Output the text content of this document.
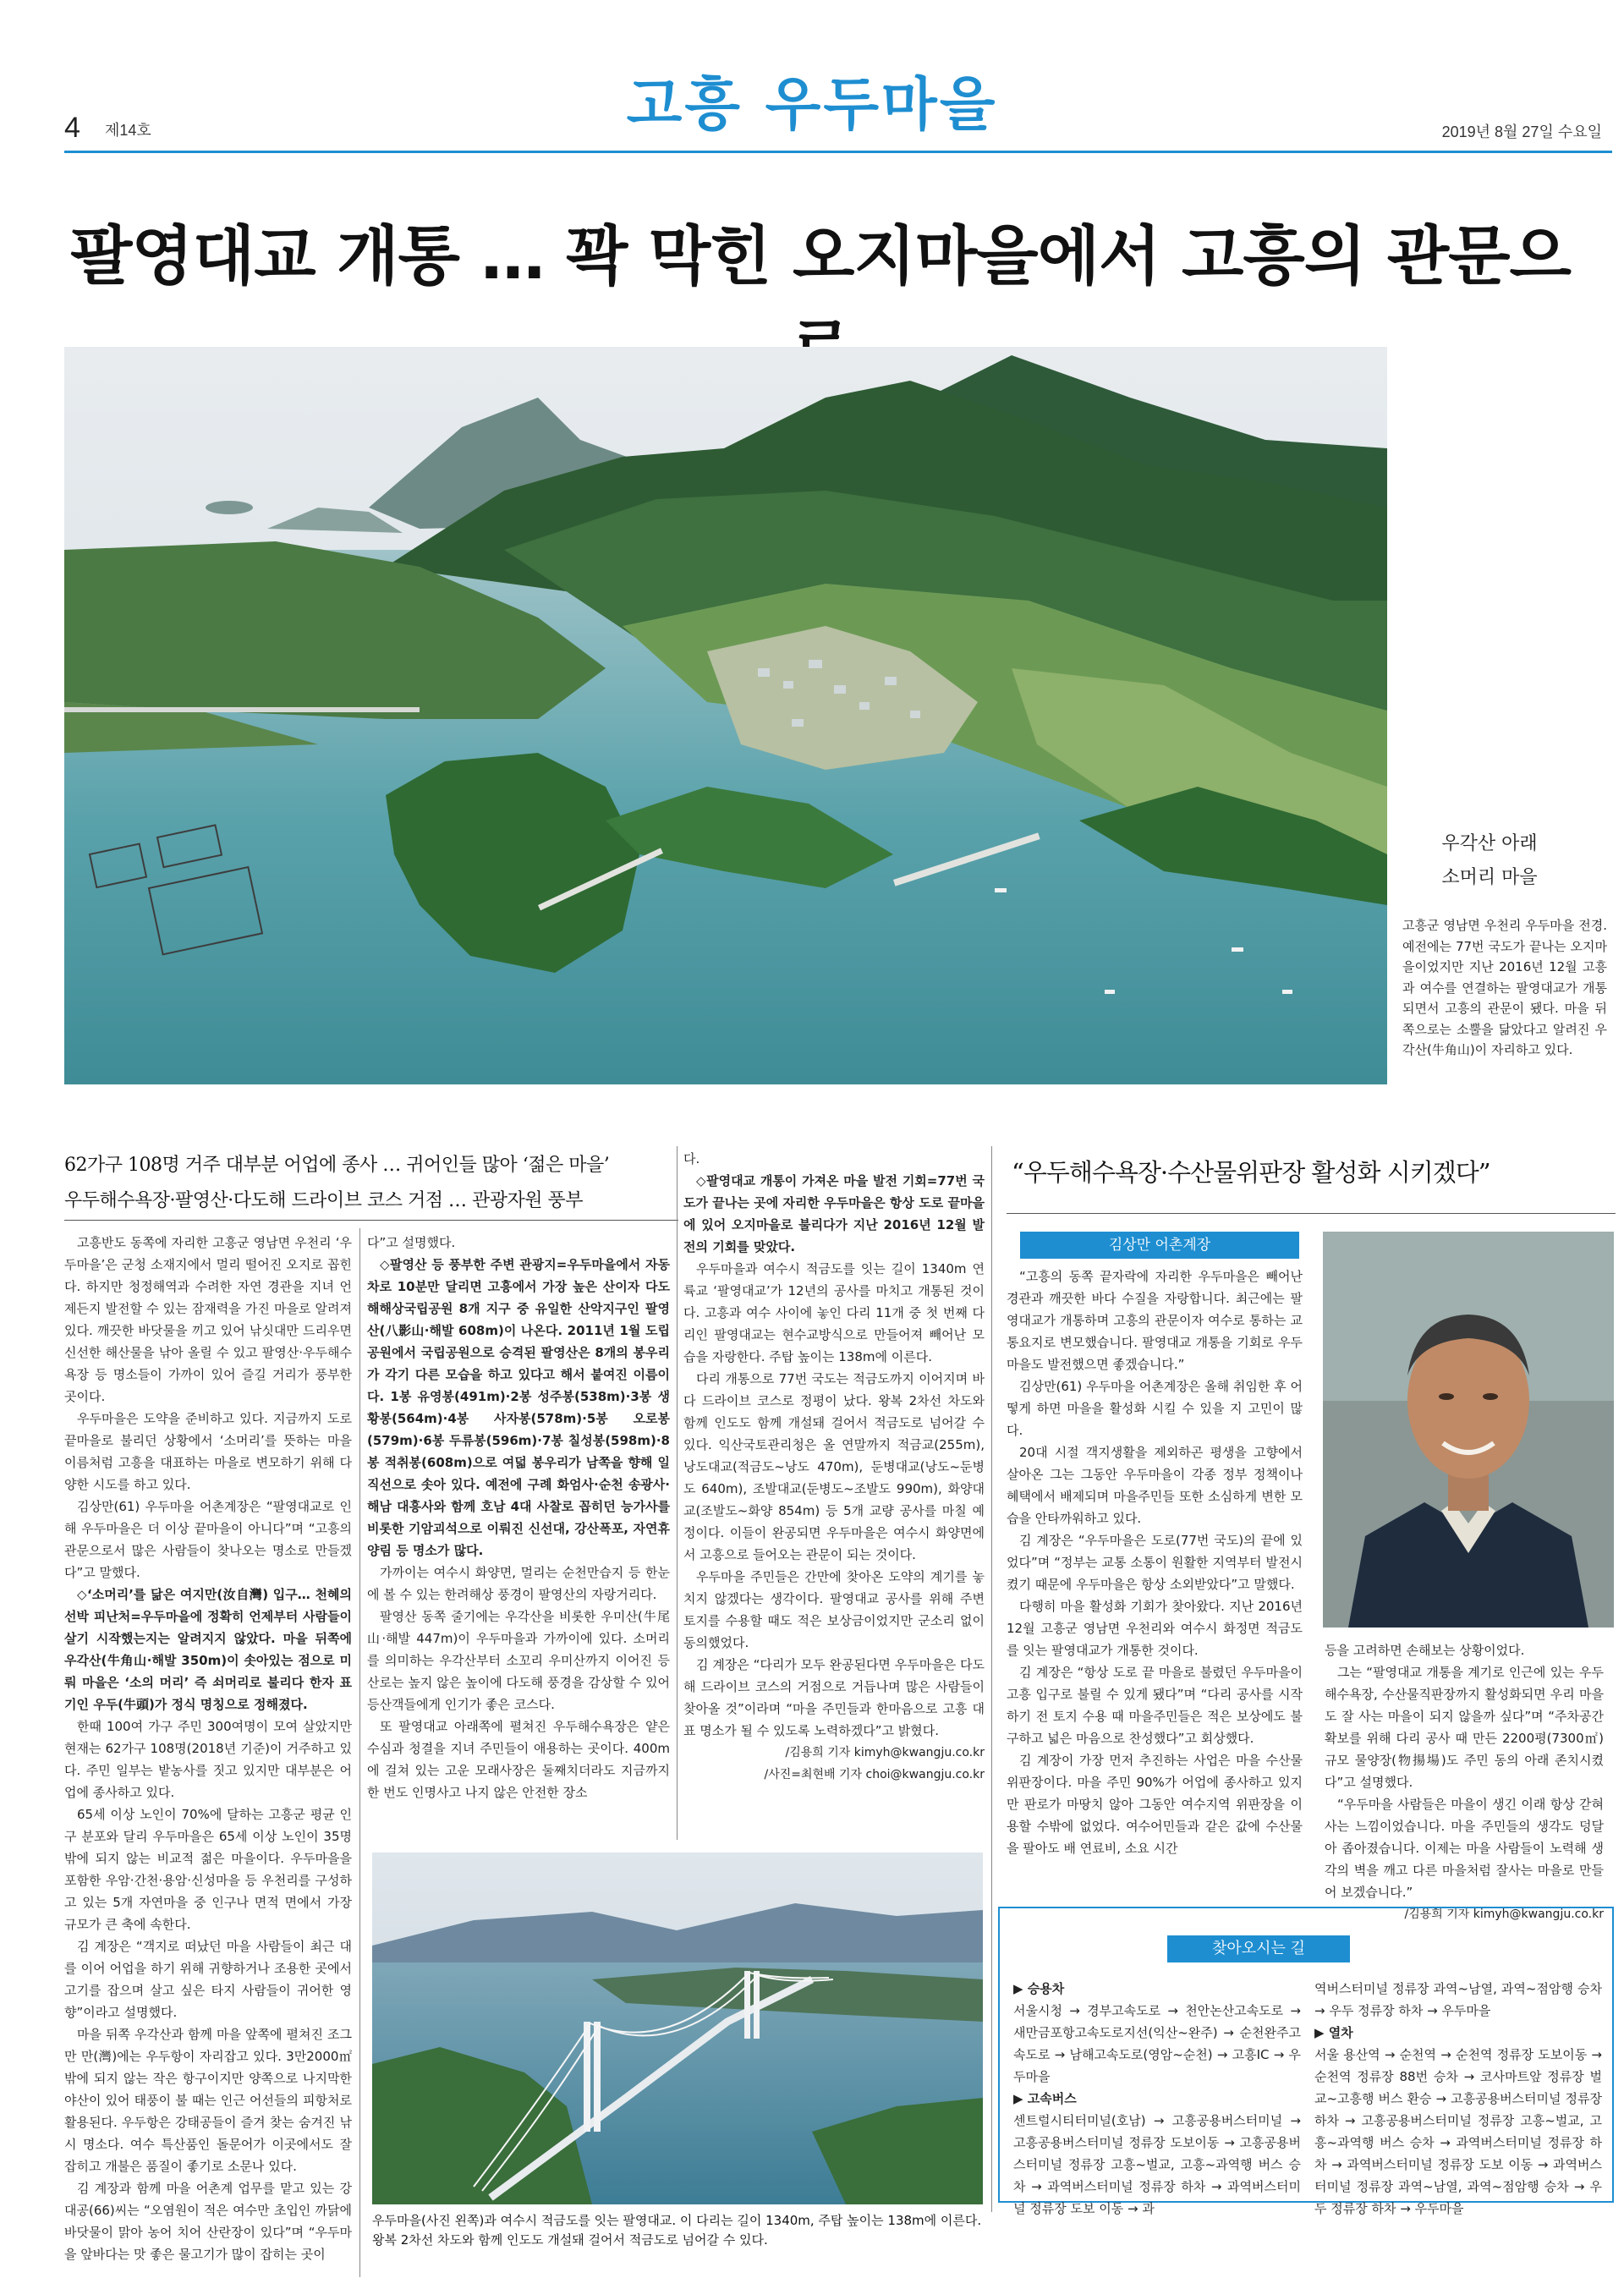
고흥 우두마을
4 제14호	2019년 8월 27일 수요일
팔영대교 개통 … 꽉 막힌 오지마을에서 고흥의 관문으
우각산 아래
소머리 마을
고흥군 영남면 우천리 우두마을 전경. 예전에는 77번 국도가 끝나는 오지마을이었지만 지난 2016년 12월 고흥과 여수를 연결하는 팔영대교가 개통되면서 고흥의 관문이 됐다. 마을 뒤쪽으로는 소뿔을 닮았다고 알려진 우각산(牛角山)이 자리하고 있다.
62가구 108명 거주 대부분 어업에 종사 … 귀어인들 많아 ‘젊은 마을’
우두해수욕장·팔영산·다도해 드라이브 코스 거점 … 관광자원 풍부

고흥반도 동쪽에 자리한 고흥군 영남면 우천리 ‘우두마을’은 군청 소재지에서 멀리 떨어진 오지로 꼽힌다. 하지만 청정해역과 수려한 자연 경관을 지녀 언제든지 발전할 수 있는 잠재력을 가진 마을로 알려져 있다. 깨끗한 바닷물을 끼고 있어 낚싯대만 드리우면 신선한 해산물을 낚아 올릴 수 있고 팔영산·우두해수욕장 등 명소들이 가까이 있어 즐길 거리가 풍부한 곳이다.

우두마을은 도약을 준비하고 있다. 지금까지 도로 끝마을로 불리던 상황에서 ‘소머리’를 뜻하는 마을 이름처럼 고흥을 대표하는 마을로 변모하기 위해 다양한 시도를 하고 있다.

김상만(61) 우두마을 어촌계장은 “팔영대교로 인해 우두마을은 더 이상 끝마을이 아니다”며 “고흥의 관문으로서 많은 사람들이 찾나오는 명소로 만들겠다”고 말했다.

◇‘소머리’를 닮은 여지만(汝自灣) 입구… 천혜의 선박 피난처=우두마을에 정확히 언제부터 사람들이 살기 시작했는지는 알려지지 않았다. 마을 뒤쪽에 우각산(牛角山·해발 350m)이 솟아있는 점으로 미뤄 마을은 ‘소의 머리’ 즉 쇠머리로 불리다 한자 표기인 우두(牛頭)가 정식 명칭으로 정해졌다.

한때 100여 가구 주민 300여명이 모여 살았지만 현재는 62가구 108명(2018년 기준)이 거주하고 있다. 주민 일부는 밭농사를 짓고 있지만 대부분은 어업에 종사하고 있다.

65세 이상 노인이 70%에 달하는 고흥군 평균 인구 분포와 달리 우두마을은 65세 이상 노인이 35명밖에 되지 않는 비교적 젊은 마을이다. 우두마을을 포함한 우암·간천·용암·신성마을 등 우천리를 구성하고 있는 5개 자연마을 중 인구나 면적 면에서 가장 규모가 큰 축에 속한다.

김 계장은 “객지로 떠났던 마을 사람들이 최근 대를 이어 어업을 하기 위해 귀향하거나 조용한 곳에서 고기를 잡으며 살고 싶은 타지 사람들이 귀어한 영향”이라고 설명했다.

마을 뒤쪽 우각산과 함께 마을 앞쪽에 펼쳐진 조그만 만(灣)에는 우두항이 자리잡고 있다. 3만2000㎡ 밖에 되지 않는 작은 항구이지만 양쪽으로 나지막한 야산이 있어 태풍이 불 때는 인근 어선들의 피항처로 활용된다. 우두항은 강태공들이 즐겨 찾는 숨겨진 낚시 명소다. 여수 특산품인 돌문어가 이곳에서도 잘 잡히고 개불은 품질이 좋기로 소문나 있다.

김 계장과 함께 마을 어촌계 업무를 맡고 있는 강대공(66)씨는 “오염원이 적은 여수만 초입인 까닭에 바닷물이 맑아 농어 치어 산란장이 있다”며 “우두마을 앞바다는 맛 좋은 물고기가 많이 잡히는 곳이

다”고 설명했다.

◇팔영산 등 풍부한 주변 관광지=우두마을에서 자동차로 10분만 달리면 고흥에서 가장 높은 산이자 다도해해상국립공원 8개 지구 중 유일한 산악지구인 팔영산(八影山·해발 608m)이 나온다. 2011년 1월 도립공원에서 국립공원으로 승격된 팔영산은 8개의 봉우리가 각기 다른 모습을 하고 있다고 해서 붙여진 이름이다. 1봉 유영봉(491m)·2봉 성주봉(538m)·3봉 생황봉(564m)·4봉 사자봉(578m)·5봉 오로봉(579m)·6봉 두류봉(596m)·7봉 칠성봉(598m)·8봉 적취봉(608m)으로 여덟 봉우리가 남쪽을 향해 일직선으로 솟아 있다. 예전에 구례 화엄사·순천 송광사·해남 대흥사와 함께 호남 4대 사찰로 꼽히던 능가사를 비롯한 기암괴석으로 이뤄진 신선대, 강산폭포, 자연휴양림 등 명소가 많다.

가까이는 여수시 화양면, 멀리는 순천만습지 등 한눈에 볼 수 있는 한려해상 풍경이 팔영산의 자랑거리다.

팔영산 동쪽 줄기에는 우각산을 비롯한 우미산(牛尾山·해발 447m)이 우두마을과 가까이에 있다. 소머리를 의미하는 우각산부터 소꼬리 우미산까지 이어진 등산로는 높지 않은 높이에 다도해 풍경을 감상할 수 있어 등산객들에게 인기가 좋은 코스다.

또 팔영대교 아래쪽에 펼쳐진 우두해수욕장은 얕은 수심과 청결을 지녀 주민들이 애용하는 곳이다. 400m에 걸쳐 있는 고운 모래사장은 둘째치더라도 지금까지 한 번도 인명사고 나지 않은 안전한 장소

다.

◇팔영대교 개통이 가져온 마을 발전 기회=77번 국도가 끝나는 곳에 자리한 우두마을은 항상 도로 끝마을에 있어 오지마을로 불리다가 지난 2016년 12월 발전의 기회를 맞았다.

우두마을과 여수시 적금도를 잇는 길이 1340m 연륙교 ‘팔영대교’가 12년의 공사를 마치고 개통된 것이다. 고흥과 여수 사이에 놓인 다리 11개 중 첫 번째 다리인 팔영대교는 현수교방식으로 만들어져 빼어난 모습을 자랑한다. 주탑 높이는 138m에 이른다.

다리 개통으로 77번 국도는 적금도까지 이어지며 바다 드라이브 코스로 정평이 났다. 왕복 2차선 차도와 함께 인도도 함께 개설돼 걸어서 적금도로 넘어갈 수 있다. 익산국토관리청은 올 연말까지 적금교(255m), 낭도대교(적금도~낭도 470m), 둔병대교(낭도~둔병도 640m), 조발대교(둔병도~조발도 990m), 화양대교(조발도~화양 854m) 등 5개 교량 공사를 마칠 예정이다. 이들이 완공되면 우두마을은 여수시 화양면에서 고흥으로 들어오는 관문이 되는 것이다.

우두마을 주민들은 간만에 찾아온 도약의 계기를 놓치지 않겠다는 생각이다. 팔영대교 공사를 위해 주변 토지를 수용할 때도 적은 보상금이었지만 군소리 없이 동의했었다.

김 계장은 “다리가 모두 완공된다면 우두마을은 다도해 드라이브 코스의 거점으로 거듭나며 많은 사람들이 찾아올 것”이라며 “마을 주민들과 한마음으로 고흥 대표 명소가 될 수 있도록 노력하겠다”고 밝혔다.

/김용희 기자 kimyh@kwangju.co.kr

/사진=최현배 기자 choi@kwangju.co.kr

우두마을(사진 왼쪽)과 여수시 적금도를 잇는 팔영대교. 이 다리는 길이 1340m, 주탑 높이는 138m에 이른다. 왕복 2차선 차도와 함께 인도도 개설돼 걸어서 적금도로 넘어갈 수 있다.
“우두해수욕장·수산물위판장 활성화 시키겠다”
김상만 어촌계장

“고흥의 동쪽 끝자락에 자리한 우두마을은 빼어난 경관과 깨끗한 바다 수질을 자랑합니다. 최근에는 팔영대교가 개통하며 고흥의 관문이자 여수로 통하는 교통요지로 변모했습니다. 팔영대교 개통을 기회로 우두마을도 발전했으면 좋겠습니다.”

김상만(61) 우두마을 어촌계장은 올해 취임한 후 어떻게 하면 마을을 활성화 시킬 수 있을 지 고민이 많다.

20대 시절 객지생활을 제외하곤 평생을 고향에서 살아온 그는 그동안 우두마을이 각종 정부 정책이나 혜택에서 배제되며 마을주민들 또한 소심하게 변한 모습을 안타까워하고 있다.

김 계장은 “우두마을은 도로(77번 국도)의 끝에 있었다”며 “정부는 교통 소통이 원활한 지역부터 발전시켰기 때문에 우두마을은 항상 소외받았다”고 말했다.

다행히 마을 활성화 기회가 찾아왔다. 지난 2016년 12월 고흥군 영남면 우천리와 여수시 화정면 적금도를 잇는 팔영대교가 개통한 것이다.

김 계장은 “항상 도로 끝 마을로 불렸던 우두마을이 고흥 입구로 불릴 수 있게 됐다”며 “다리 공사를 시작하기 전 토지 수용 때 마을주민들은 적은 보상에도 불구하고 넓은 마음으로 찬성했다”고 회상했다.

김 계장이 가장 먼저 추진하는 사업은 마을 수산물 위판장이다. 마을 주민 90%가 어업에 종사하고 있지만 판로가 마땅치 않아 그동안 여수지역 위판장을 이용할 수밖에 없었다. 여수어민들과 같은 값에 수산물을 팔아도 배 연료비, 소요 시간

등을 고려하면 손해보는 상황이었다.

그는 “팔영대교 개통을 계기로 인근에 있는 우두해수욕장, 수산물직판장까지 활성화되면 우리 마을도 잘 사는 마을이 되지 않을까 싶다”며 “주차공간 확보를 위해 다리 공사 때 만든 2200평(7300㎡) 규모 물양장(物揚場)도 주민 동의 아래 존치시켰다”고 설명했다.

“우두마을 사람들은 마을이 생긴 이래 항상 갇혀 사는 느낌이었습니다. 마을 주민들의 생각도 덩달아 좁아졌습니다. 이제는 마을 사람들이 노력해 생각의 벽을 깨고 다른 마을처럼 잘사는 마을로 만들어 보겠습니다.”

/김용희 기자 kimyh@kwangju.co.kr

찾아오시는 길
▶ 승용차
서울시청 → 경부고속도로 → 천안논산고속도로 → 새만금포항고속도로지선(익산~완주) → 순천완주고속도로 → 남해고속도로(영암~순천) → 고흥IC → 우두마을
▶ 고속버스
센트럴시티터미널(호남) → 고흥공용버스터미널 → 고흥공용버스터미널 정류장 도보이동 → 고흥공용버스터미널 정류장 고흥~벌교, 고흥~과역행 버스 승차 → 과역버스터미널 정류장 하차 → 과역버스터미널 정류장 도보 이동 → 과
역버스터미널 정류장 과역~남열, 과역~점암행 승차 → 우두 정류장 하차 → 우두마을
▶ 열차
서울 용산역 → 순천역 → 순천역 정류장 도보이동 → 순천역 정류장 88번 승차 → 코사마트앞 정류장 벌교~고흥행 버스 환승 → 고흥공용버스터미널 정류장 하차 → 고흥공용버스터미널 정류장 고흥~벌교, 고흥~과역행 버스 승차 → 과역버스터미널 정류장 하차 → 과역버스터미널 정류장 도보 이동 → 과역버스터미널 정류장 과역~남열, 과역~점암행 승차 → 우두 정류장 하차 → 우두마을
